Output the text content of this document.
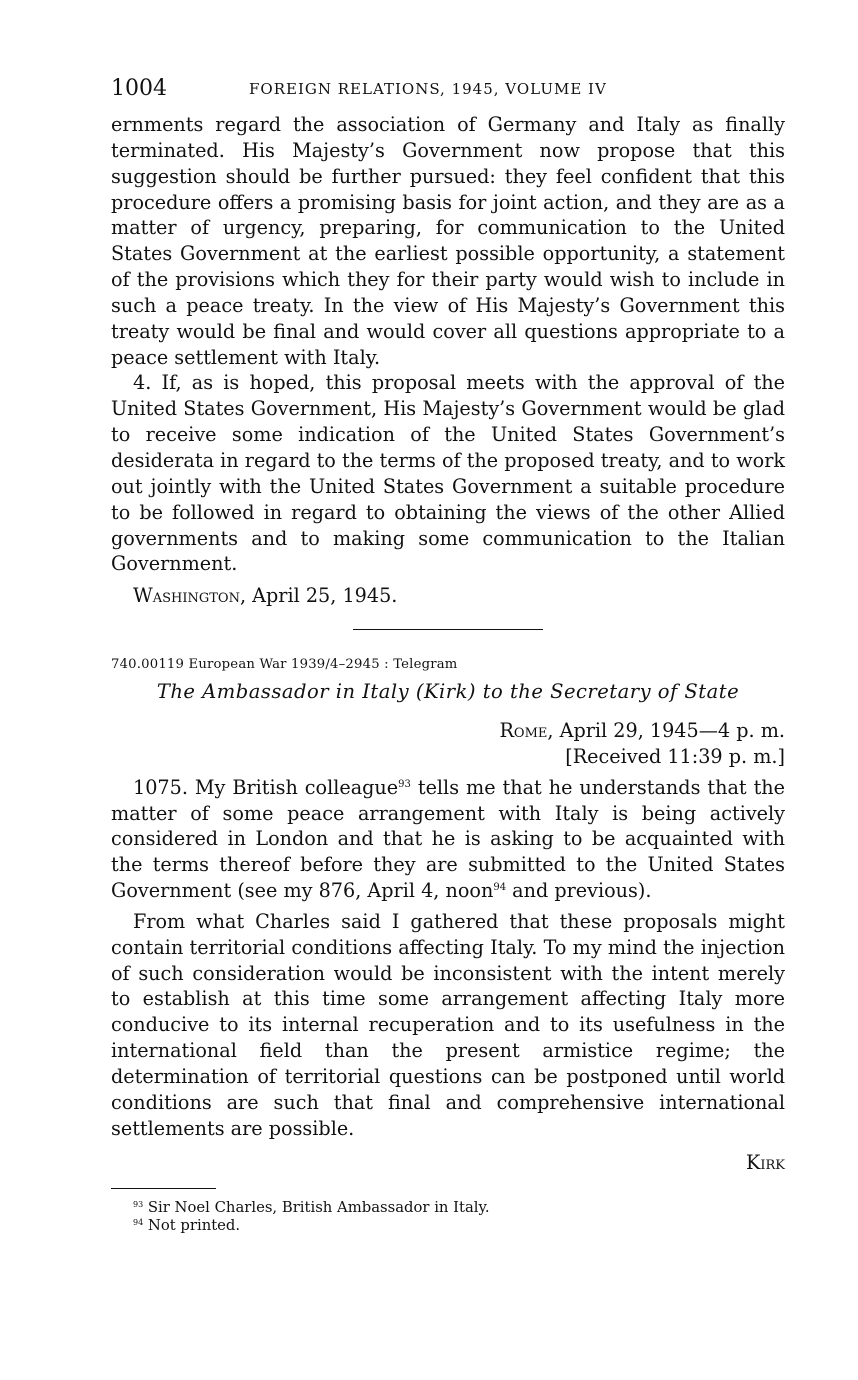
1004	FOREIGN RELATIONS, 1945, VOLUME IV

ernments regard the association of Germany and Italy as finally terminated. His Majesty’s Government now propose that this suggestion should be further pursued: they feel confident that this procedure offers a promising basis for joint action, and they are as a matter of urgency, preparing, for communication to the United States Government at the earliest possible opportunity, a statement of the provisions which they for their party would wish to include in such a peace treaty. In the view of His Majesty’s Government this treaty would be final and would cover all questions appropriate to a peace settlement with Italy.

4. If, as is hoped, this proposal meets with the approval of the United States Government, His Majesty’s Government would be glad to receive some indication of the United States Government’s desiderata in regard to the terms of the proposed treaty, and to work out jointly with the United States Government a suitable procedure to be followed in regard to obtaining the views of the other Allied governments and to making some communication to the Italian Government.

Washington, April 25, 1945.
740.00119 European War 1939/4–2945 : Telegram
The Ambassador in Italy (Kirk) to the Secretary of State
Rome, April 29, 1945—4 p. m.
[Received 11:39 p. m.]

1075. My British colleague$^{93}$ tells me that he understands that the matter of some peace arrangement with Italy is being actively considered in London and that he is asking to be acquainted with the terms thereof before they are submitted to the United States Government (see my 876, April 4, noon$^{94}$ and previous).

From what Charles said I gathered that these proposals might contain territorial conditions affecting Italy. To my mind the injection of such consideration would be inconsistent with the intent merely to establish at this time some arrangement affecting Italy more conducive to its internal recuperation and to its usefulness in the international field than the present armistice regime; the determination of territorial questions can be postponed until world conditions are such that final and comprehensive international settlements are possible.

Kirk
$^{93}$ Sir Noel Charles, British Ambassador in Italy.
$^{94}$ Not printed.
